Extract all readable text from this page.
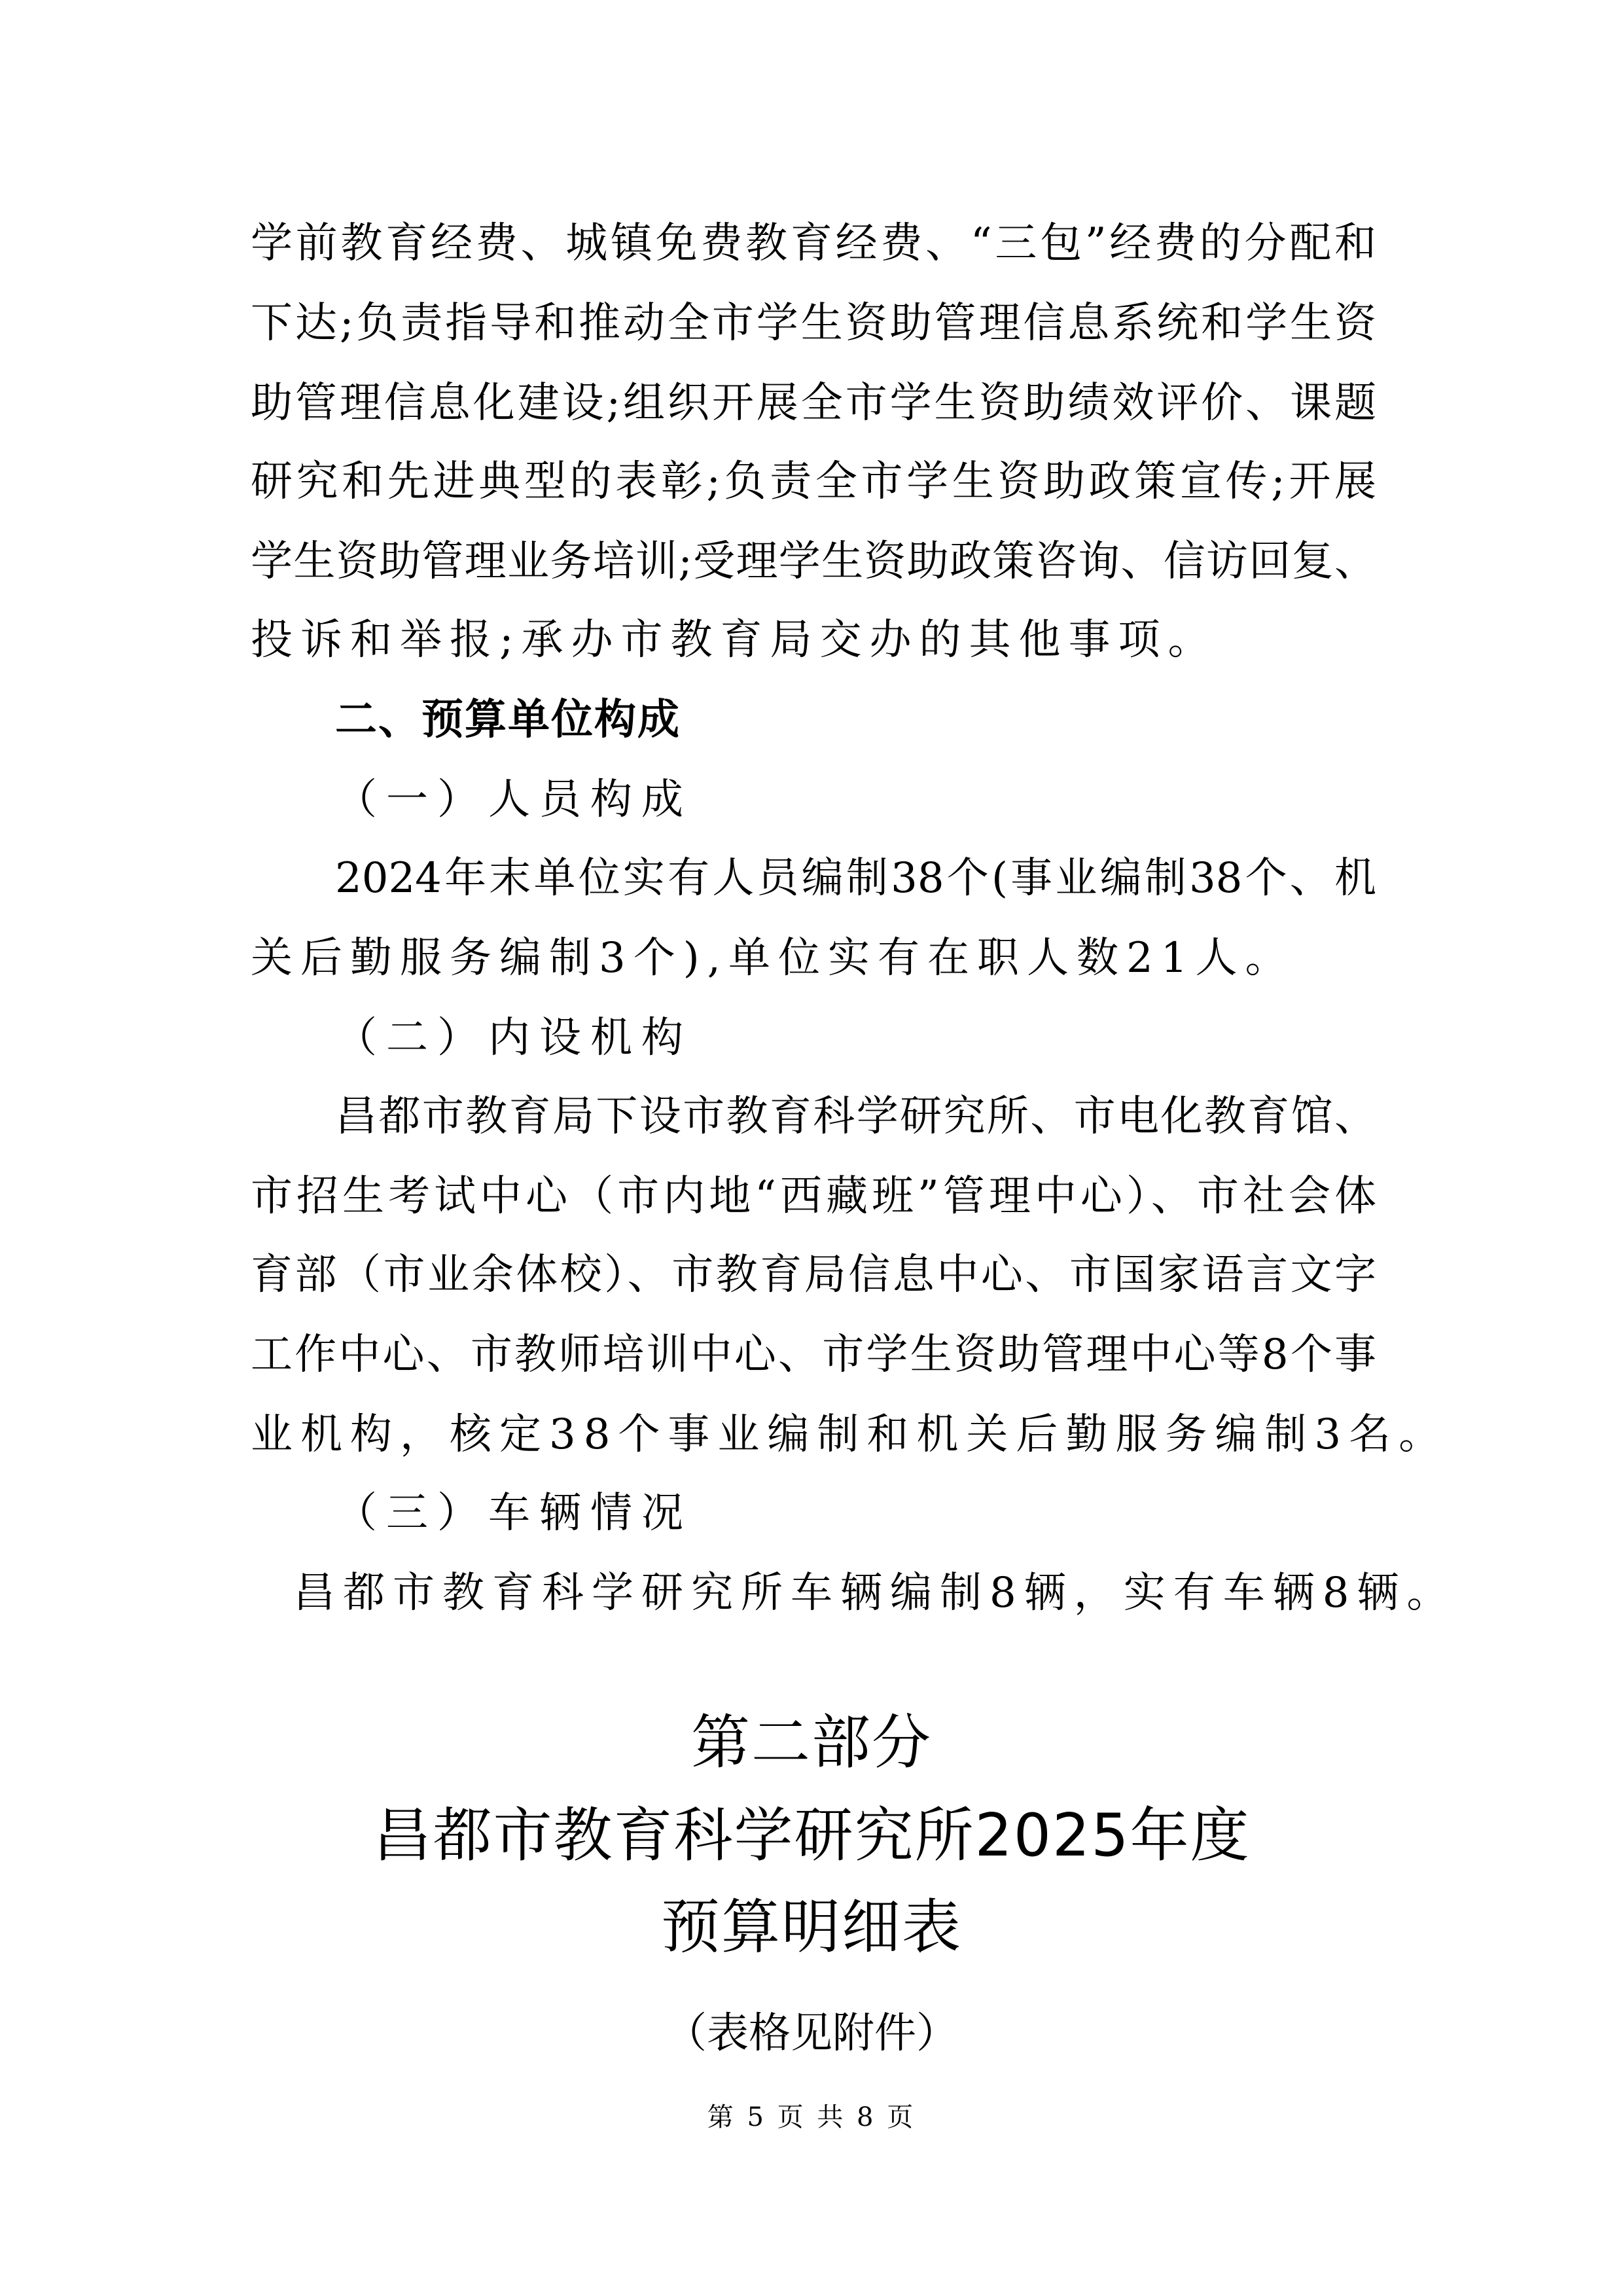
学前教育经费、城镇免费教育经费、“三包”经费的分配和
下达;负责指导和推动全市学生资助管理信息系统和学生资
助管理信息化建设;组织开展全市学生资助绩效评价、课题
研究和先进典型的表彰;负责全市学生资助政策宣传;开展
学生资助管理业务培训;受理学生资助政策咨询、信访回复、
投诉和举报;承办市教育局交办的其他事项。
二、预算单位构成
（一）人员构成
2024年末单位实有人员编制38个(事业编制38个、机
关后勤服务编制3个),单位实有在职人数21人。
（二）内设机构
昌都市教育局下设市教育科学研究所、市电化教育馆、
市招生考试中心（市内地“西藏班”管理中心）、市社会体
育部（市业余体校）、市教育局信息中心、市国家语言文字
工作中心、市教师培训中心、市学生资助管理中心等8个事
业机构，核定38个事业编制和机关后勤服务编制3名。
（三）车辆情况
昌都市教育科学研究所车辆编制8辆，实有车辆8辆。
第二部分
昌都市教育科学研究所2025年度
预算明细表
（表格见附件）
第 5 页 共 8 页
